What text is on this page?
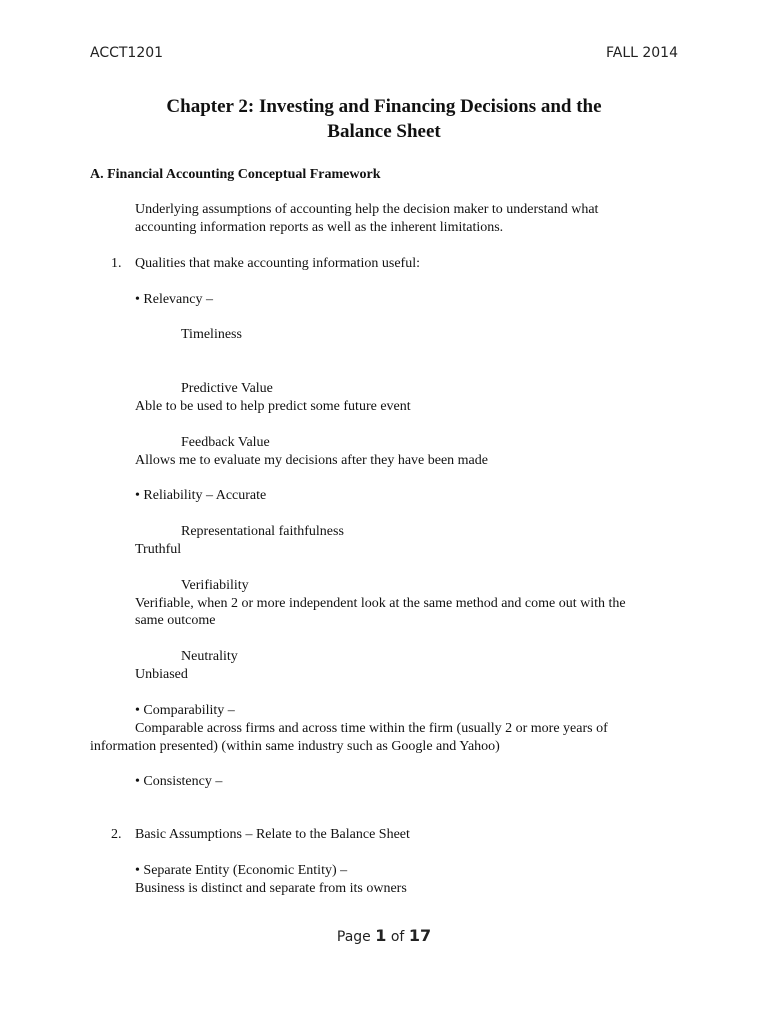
ACCT1201	FALL 2014
Chapter 2: Investing and Financing Decisions and the
Balance Sheet
A. Financial Accounting Conceptual Framework
Underlying assumptions of accounting help the decision maker to understand what
accounting information reports as well as the inherent limitations.
1. Qualities that make accounting information useful:
• Relevancy –
Timeliness
Predictive Value
Able to be used to help predict some future event
Feedback Value
Allows me to evaluate my decisions after they have been made
• Reliability – Accurate
Representational faithfulness
Truthful
Verifiability
Verifiable, when 2 or more independent look at the same method and come out with the
same outcome
Neutrality
Unbiased
• Comparability –
Comparable across firms and across time within the firm (usually 2 or more years of
information presented) (within same industry such as Google and Yahoo)
• Consistency –
2. Basic Assumptions – Relate to the Balance Sheet
• Separate Entity (Economic Entity) –
Business is distinct and separate from its owners
Page 1 of 17
